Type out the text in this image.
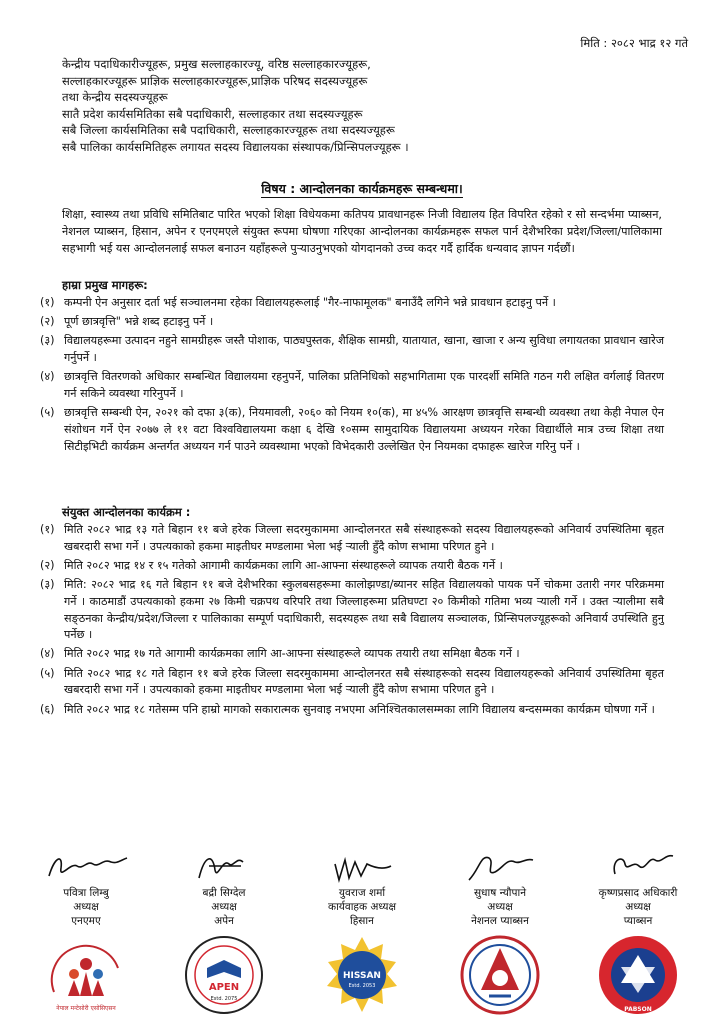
मिति : २०८२ भाद्र १२ गते
केन्द्रीय पदाधिकारीज्यूहरू, प्रमुख सल्लाहकारज्यू, वरिष्ठ सल्लाहकारज्यूहरू,
सल्लाहकारज्यूहरू प्राज्ञिक सल्लाहकारज्यूहरू,प्राज्ञिक परिषद सदस्यज्यूहरू
तथा केन्द्रीय सदस्यज्यूहरू
सातै प्रदेश कार्यसमितिका सबै पदाधिकारी, सल्लाहकार तथा सदस्यज्यूहरू
सबै जिल्ला कार्यसमितिका सबै पदाधिकारी, सल्लाहकारज्यूहरू तथा सदस्यज्यूहरू
सबै पालिका कार्यसमितिहरू लगायत सदस्य विद्यालयका संस्थापक/प्रिन्सिपलज्यूहरू ।
विषय : आन्दोलनका कार्यक्रमहरू सम्बन्धमा।
शिक्षा, स्वास्थ्य तथा प्रविधि समितिबाट पारित भएको शिक्षा विधेयकमा कतिपय प्रावधानहरू निजी विद्यालय हित विपरित रहेको र सो सन्दर्भमा प्याब्सन, नेशनल प्याब्सन, हिसान, अपेन र एनएमएले संयुक्त रूपमा घोषणा गरिएका आन्दोलनका कार्यक्रमहरू सफल पार्न देशैभरिका प्रदेश/जिल्ला/पालिकामा सहभागी भई यस आन्दोलनलाई सफल बनाउन यहाँहरूले पुऱ्याउनुभएको योगदानको उच्च कदर गर्दै हार्दिक धन्यवाद ज्ञापन गर्दछौं।
हाम्रा प्रमुख मागहरू:
(१) कम्पनी ऐन अनुसार दर्ता भई सञ्चालनमा रहेका विद्यालयहरूलाई "गैर-नाफामूलक" बनाउँदै लगिने भन्ने प्रावधान हटाइनु पर्ने ।
(२) पूर्ण छात्रवृत्ति" भन्ने शब्द हटाइनु पर्ने ।
(३) विद्यालयहरूमा उत्पादन नहुने सामग्रीहरू जस्तै पोशाक, पाठ्यपुस्तक, शैक्षिक सामग्री, यातायात, खाना, खाजा र अन्य सुविधा लगायतका प्रावधान खारेज गर्नुपर्ने ।
(४) छात्रवृत्ति वितरणको अधिकार सम्बन्धित विद्यालयमा रहनुपर्ने, पालिका प्रतिनिधिको सहभागितामा एक पारदर्शी समिति गठन गरी लक्षित वर्गलाई वितरण गर्न सकिने व्यवस्था गरिनुपर्ने ।
(५) छात्रवृत्ति सम्बन्धी ऐन, २०२१ को दफा ३(क), नियमावली, २०६० को नियम १०(क), मा ४५% आरक्षण छात्रवृत्ति सम्बन्धी व्यवस्था तथा केही नेपाल ऐन संशोधन गर्ने ऐन २०७७ ले ११ वटा विश्वविद्यालयमा कक्षा ६ देखि १०सम्म सामुदायिक विद्यालयमा अध्ययन गरेका विद्यार्थीले मात्र उच्च शिक्षा तथा सिटीइभिटी कार्यक्रम अन्तर्गत अध्ययन गर्न पाउने व्यवस्थामा भएको विभेदकारी उल्लेखित ऐन नियमका दफाहरू खारेज गरिनु पर्ने ।
संयुक्त आन्दोलनका कार्यक्रम :
(१) मिति २०८२ भाद्र १३ गते बिहान ११ बजे हरेक जिल्ला सदरमुकाममा आन्दोलनरत सबै संस्थाहरूको सदस्य विद्यालयहरूको अनिवार्य उपस्थितिमा बृहत खबरदारी सभा गर्ने । उपत्यकाको हकमा माइतीघर मण्डलामा भेला भई ऱ्याली हुँदै कोण सभामा परिणत हुने ।
(२) मिति २०८२ भाद्र १४ र १५ गतेको आगामी कार्यक्रमका लागि आ-आफ्ना संस्थाहरूले व्यापक तयारी बैठक गर्ने ।
(३) मिति: २०८२ भाद्र १६ गते बिहान ११ बजे देशैभरिका स्कुलबसहरूमा कालोझण्डा/ब्यानर सहित विद्यालयको पायक पर्ने चोकमा उतारी नगर परिक्रममा गर्ने । काठमाडौं उपत्यकाको हकमा २७ किमी चक्रपथ वरिपरि तथा जिल्लाहरूमा प्रतिघण्टा २० किमीको गतिमा भव्य ऱ्याली गर्ने । उक्त ऱ्यालीमा सबै सङ्ठनका केन्द्रीय/प्रदेश/जिल्ला र पालिकाका सम्पूर्ण पदाधिकारी, सदस्यहरू तथा सबै विद्यालय सञ्चालक, प्रिन्सिपलज्यूहरूको अनिवार्य उपस्थिति हुनु पर्नेछ ।
(४) मिति २०८२ भाद्र १७ गते आगामी कार्यक्रमका लागि आ-आफ्ना संस्थाहरूले व्यापक तयारी तथा समिक्षा बैठक गर्ने ।
(५) मिति २०८२ भाद्र १८ गते बिहान ११ बजे हरेक जिल्ला सदरमुकाममा आन्दोलनरत सबै संस्थाहरूको सदस्य विद्यालयहरूको अनिवार्य उपस्थितिमा बृहत खबरदारी सभा गर्ने । उपत्यकाको हकमा माइतीघर मण्डलामा भेला भई ऱ्याली हुँदै कोण सभामा परिणत हुने ।
(६) मिति २०८२ भाद्र १८ गतेसम्म पनि हाम्रो मागको सकारात्मक सुनवाइ नभएमा अनिश्चितकालसम्मका लागि विद्यालय बन्दसम्मका कार्यक्रम घोषणा गर्ने ।
पवित्रा लिम्बु
अध्यक्ष
एनएमए
बद्री सिग्देल
अध्यक्ष
अपेन
युवराज शर्मा
कार्यवाहक अध्यक्ष
हिसान
सुधाष न्यौपाने
अध्यक्ष
नेशनल प्याब्सन
कृष्णप्रसाद अधिकारी
अध्यक्ष
प्याब्सन
नेपाल मन्टेसोरी एसोसिएसन
APEN
Estd. 2075
HISSAN
Estd. 2053
PABSON
